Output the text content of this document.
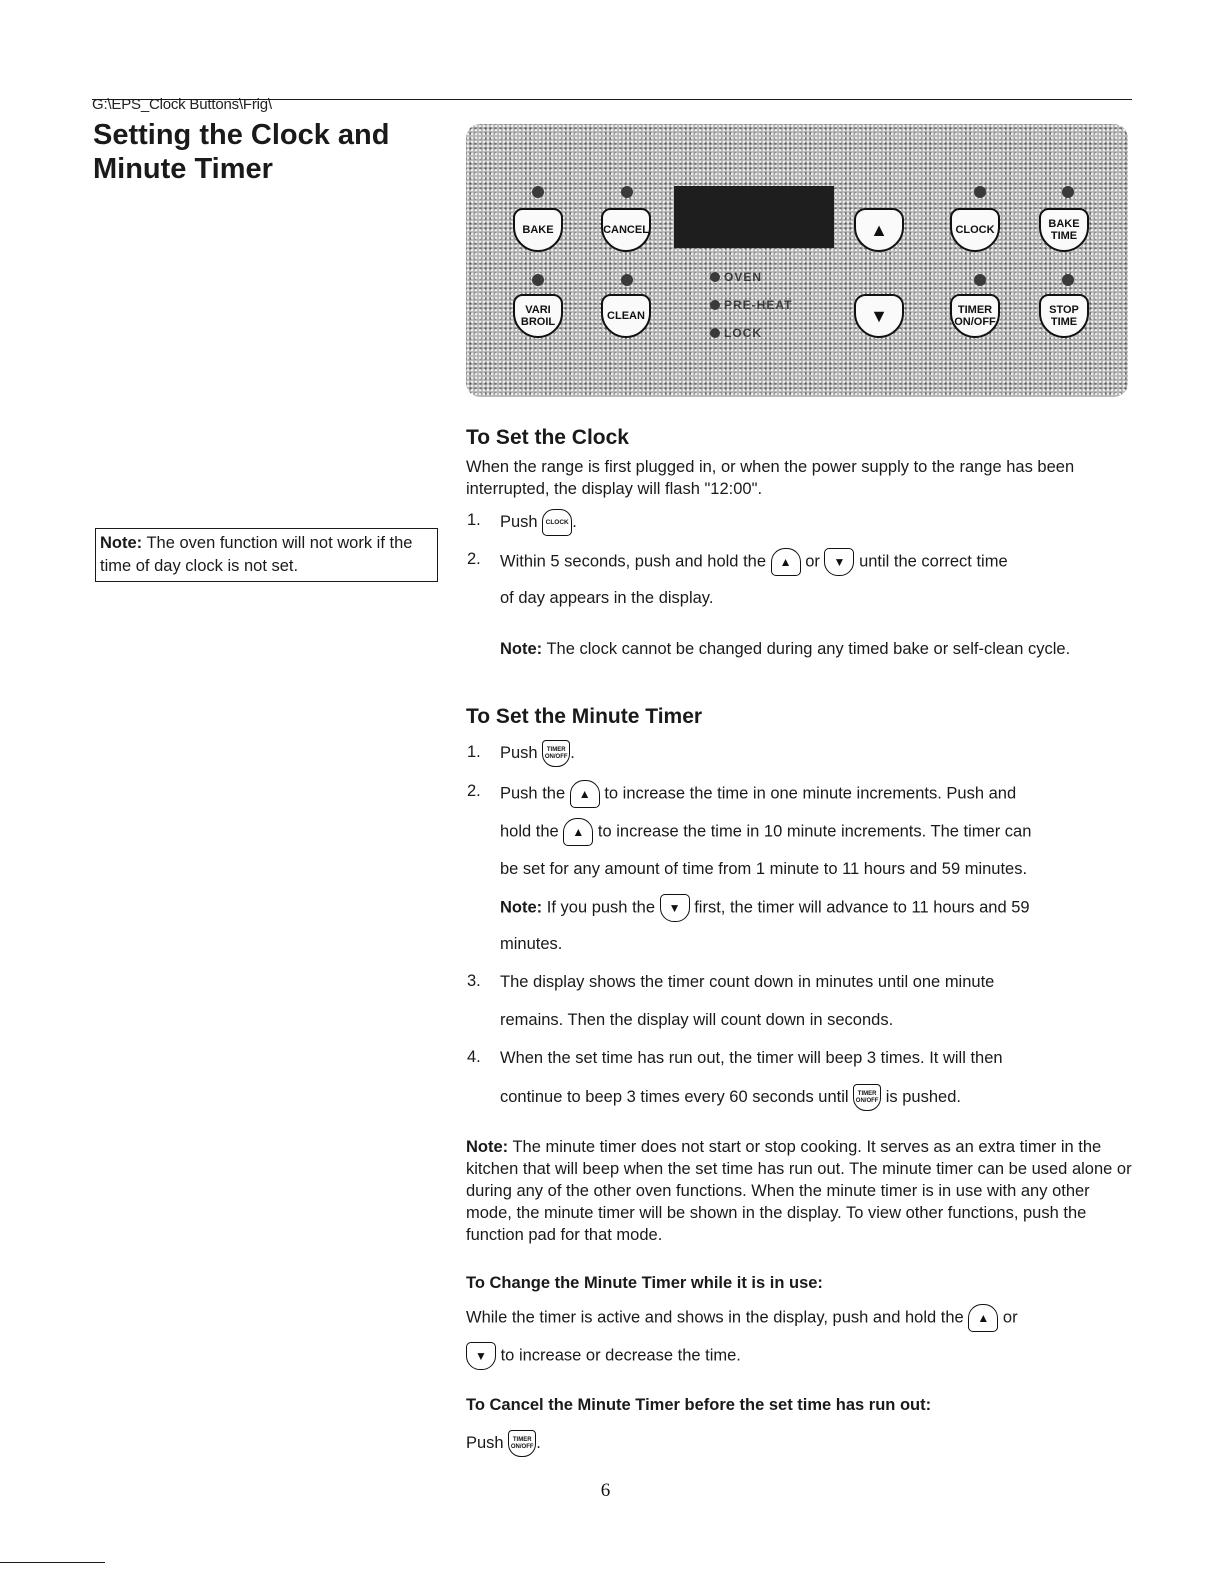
G:\EPS_Clock Buttons\Frig\
Setting the Clock and Minute Timer
BAKE	CANCEL	▲	CLOCK	BAKE
TIME
VARI
BROIL	CLEAN
OVEN
PRE-HEAT
LOCK
▼	TIMER
ON/OFF
STOP
TIME
Note: The oven function will not work if the time of day clock is not set.
To Set the Clock
When the range is first plugged in, or when the power supply to the range has been interrupted, the display will flash "12:00".
1. Push CLOCK .
2. Within 5 seconds, push and hold the ▲ or ▼ until the correct time
of day appears in the display.
Note: The clock cannot be changed during any timed bake or self-clean cycle.
To Set the Minute Timer
1. Push TIMER
ON/OFF .
2. Push the ▲ to increase the time in one minute increments. Push and
hold the ▲ to increase the time in 10 minute increments. The timer can
be set for any amount of time from 1 minute to 11 hours and 59 minutes.
Note: If you push the ▼ first, the timer will advance to 11 hours and 59
minutes.
3. The display shows the timer count down in minutes until one minute
remains. Then the display will count down in seconds.
4. When the set time has run out, the timer will beep 3 times. It will then
continue to beep 3 times every 60 seconds until TIMER
ON/OFF is pushed.
Note: The minute timer does not start or stop cooking. It serves as an extra timer in the kitchen that will beep when the set time has run out. The minute timer can be used alone or during any of the other oven functions. When the minute timer is in use with any other mode, the minute timer will be shown in the display. To view other functions, push the function pad for that mode.
To Change the Minute Timer while it is in use:
While the timer is active and shows in the display, push and hold the ▲ or
▼ to increase or decrease the time.
To Cancel the Minute Timer before the set time has run out:
Push TIMER
ON/OFF .
6
